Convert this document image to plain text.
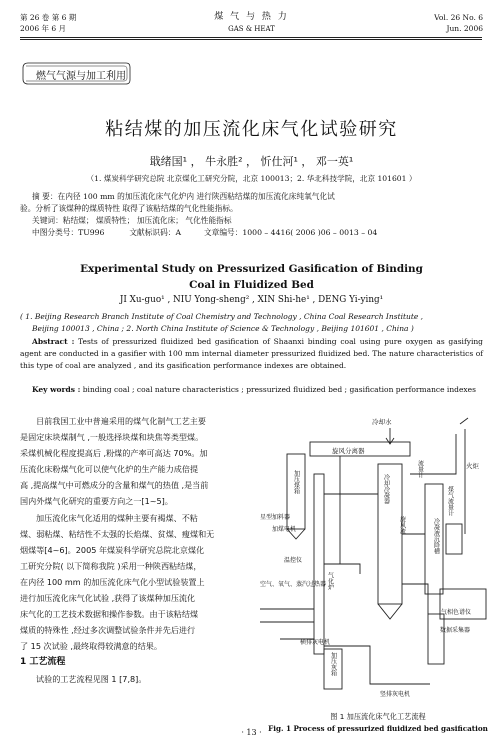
第 26 卷 第 6 期
2006 年 6 月
煤 气 与 热 力
GAS & HEAT
Vol. 26 No. 6
Jun. 2006
燃气气源与加工利用
粘结煤的加压流化床气化试验研究
戢绪国¹ ， 牛永胜² ， 忻仕河¹ ， 邓一英¹
（1. 煤炭科学研究总院 北京煤化工研究分院，北京 100013；2. 华北科技学院，北京 101601 ）
摘 要：在内径 100 mm 的加压流化床气化炉内 进行陕西粘结煤的加压流化床纯氧气化试
验。分析了该煤种的煤质特性 取得了该粘结煤的气化性能指标。
关键词：粘结煤； 煤质特性； 加压流化床； 气化性能指标
中图分类号：TU996	文献标识码：A	文章编号：1000 – 4416( 2006 )06 – 0013 – 04
Experimental Study on Pressurized Gasification of Binding
Coal in Fluidized Bed
JI Xu-guo¹ , NIU Yong-sheng² , XIN Shi-he¹ , DENG Yi-ying¹
( 1. Beijing Research Branch Institute of Coal Chemistry and Technology , China Coal Research Institute ,
Beijing 100013 , China ; 2. North China Institute of Science & Technology , Beijing 101601 , China )
Abstract : Tests of pressurized fluidized bed gasification of Shaanxi binding coal using pure oxygen as gasifying agent are conducted in a gasifier with 100 mm internal diameter pressurized fluidized bed. The nature characteristics of this type of coal are analyzed , and its gasification performance indexes are obtained.
Key words : binding coal ; coal nature characteristics ; pressurized fluidized bed ; gasification performance indexes
目前我国工业中普遍采用的煤气化制气工艺主要
是固定床块煤制气 ,一般选择块煤和块焦等类型煤。
采煤机械化程度提高后 ,粉煤的产率可高达 70%。加
压流化床粉煤气化可以使气化炉的生产能力成倍提
高 ,提高煤气中可燃成分的含量和煤气的热值 ,是当前
国内外煤气化研究的重要方向之一[1~5]。
加压流化床气化适用的煤种主要有褐煤、不粘
煤、弱粘煤、粘结性不太强的长焰煤、贫煤、瘦煤和无
烟煤等[4~6]。2005 年煤炭科学研究总院北京煤化
工研究分院( 以下简称我院 )采用一种陕西粘结煤，
在内径 100 mm 的加压流化床气化小型试验装置上
进行加压流化床气化试验 ,获得了该煤种加压流化
床气化的工艺技术数据和操作参数。由于该粘结煤
煤质的特殊性 ,经过多次调整试验条件并先后进行
了 15 次试验 ,最终取得较满意的结果。
1 工艺流程
试验的工艺流程见图 1 [7,8]。
冷却水
旋风分离器
火炬
星型加料器
加煤电机
温控仪
空气、氧气、蒸汽过热器
气相色谱仪
数据采集器
横排灰电机
竖排灰电机
加压煤箱
气化炉
冷却冷凝器
旋风流
流量计
煤气流量计
冷凝液沉降槽
加压灰箱
图 1 加压流化床气化工艺流程
Fig. 1 Process of pressurized fluidized bed gasification
· 13 ·
